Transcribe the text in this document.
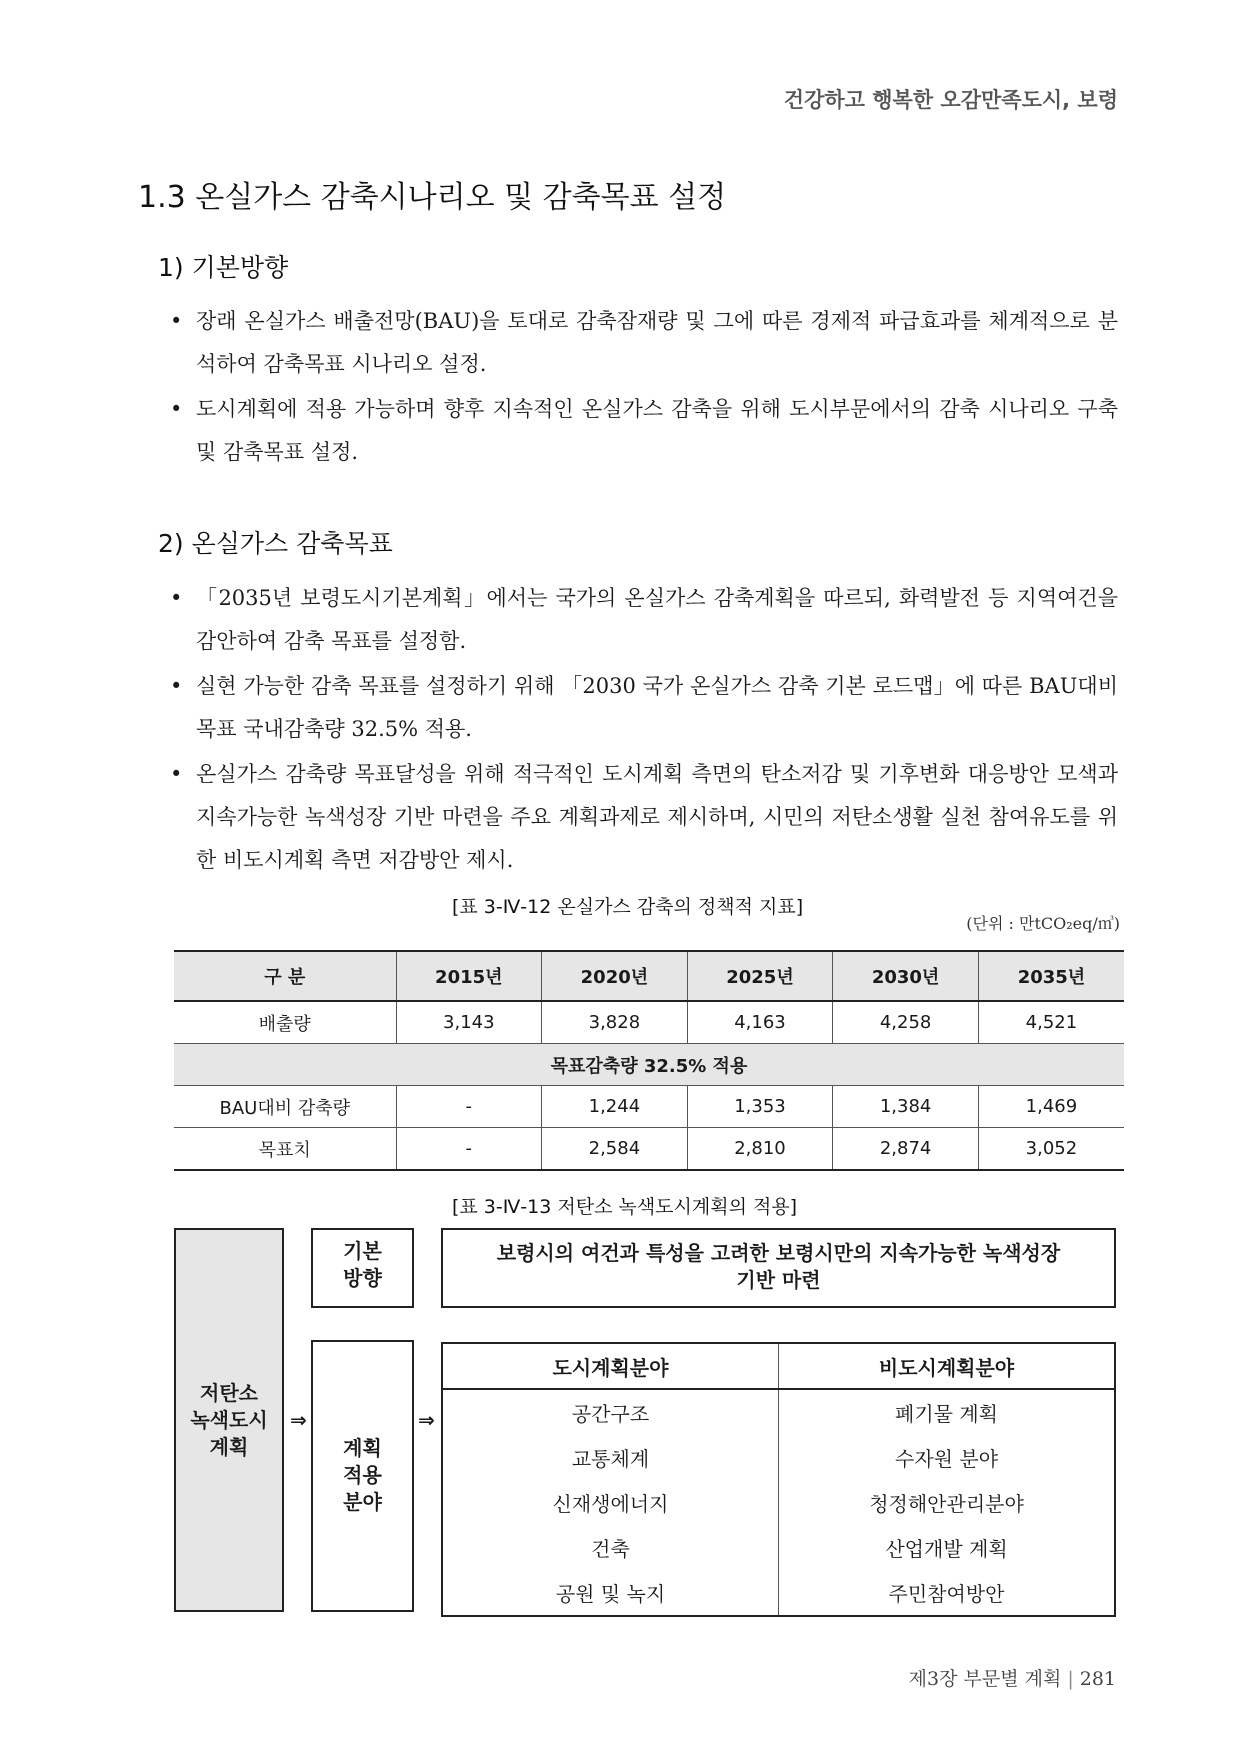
건강하고 행복한 오감만족도시, 보령
1.3 온실가스 감축시나리오 및 감축목표 설정
1) 기본방향
• 장래 온실가스 배출전망(BAU)을 토대로 감축잠재량 및 그에 따른 경제적 파급효과를 체계적으로 분석하여 감축목표 시나리오 설정.
• 도시계획에 적용 가능하며 향후 지속적인 온실가스 감축을 위해 도시부문에서의 감축 시나리오 구축 및 감축목표 설정.
2) 온실가스 감축목표
• 「2035년 보령도시기본계획」에서는 국가의 온실가스 감축계획을 따르되, 화력발전 등 지역여건을 감안하여 감축 목표를 설정함.
• 실현 가능한 감축 목표를 설정하기 위해 「2030 국가 온실가스 감축 기본 로드맵」에 따른 BAU대비 목표 국내감축량 32.5% 적용.
• 온실가스 감축량 목표달성을 위해 적극적인 도시계획 측면의 탄소저감 및 기후변화 대응방안 모색과 지속가능한 녹색성장 기반 마련을 주요 계획과제로 제시하며, 시민의 저탄소생활 실천 참여유도를 위한 비도시계획 측면 저감방안 제시.
[표 3-Ⅳ-12 온실가스 감축의 정책적 지표]
(단위 : 만tCO₂eq/㎥)
구 분	2015년	2020년	2025년	2030년	2035년
배출량	3,143	3,828	4,163	4,258	4,521
목표감축량 32.5% 적용					
BAU대비 감축량	-	1,244	1,353	1,384	1,469
목표치	-	2,584	2,810	2,874	3,052
[표 3-Ⅳ-13 저탄소 녹색도시계획의 적용]
저탄소
녹색도시
계획
⇒
기본
방향
보령시의 여건과 특성을 고려한 보령시만의 지속가능한 녹색성장
기반 마련
계획
적용
분야
⇒
도시계획분야	비도시계획분야
공간구조	폐기물 계획
교통체계	수자원 분야
신재생에너지	청정해안관리분야
건축	산업개발 계획
공원 및 녹지	주민참여방안
제3장 부문별 계획 | 281
